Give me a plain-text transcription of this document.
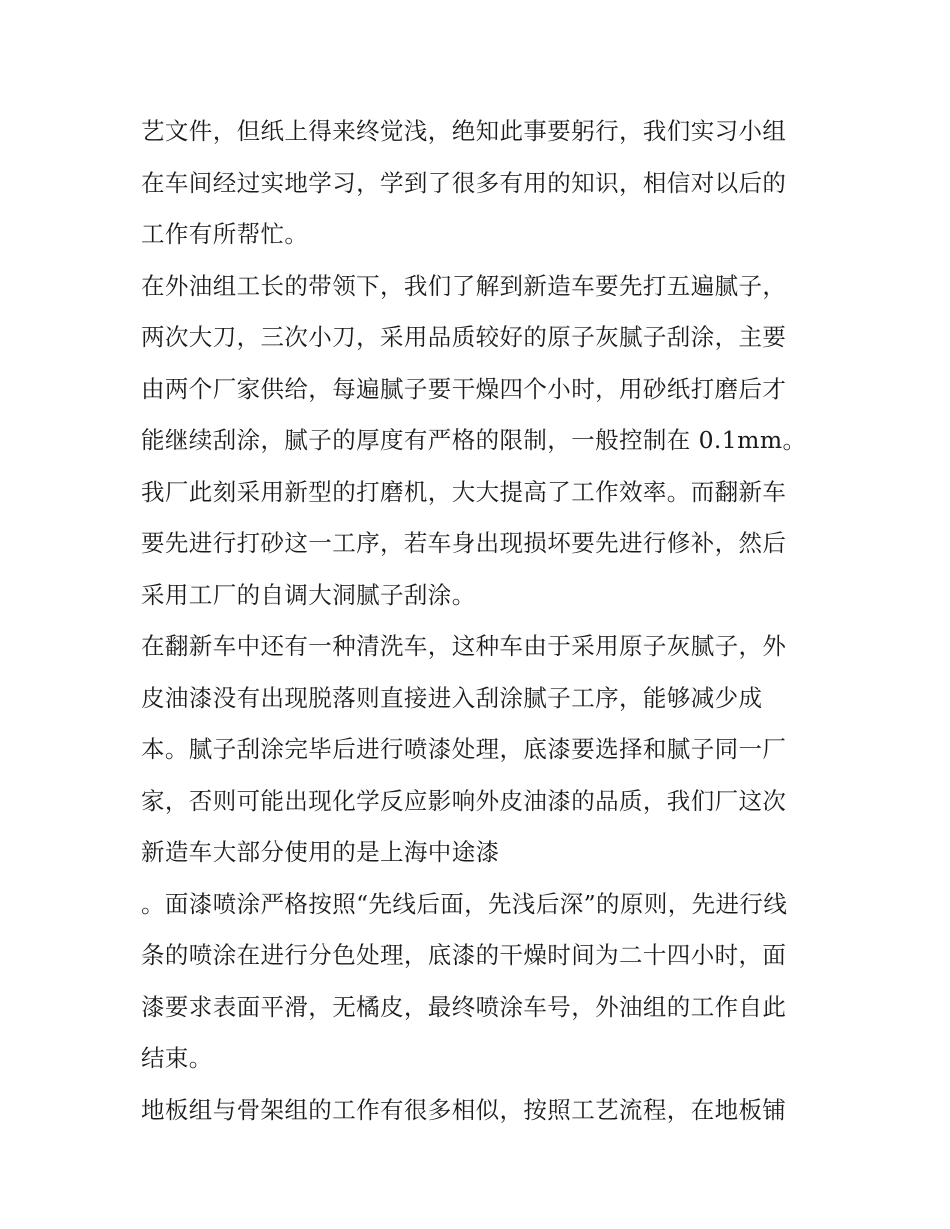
艺文件，但纸上得来终觉浅，绝知此事要躬行，我们实习小组
在车间经过实地学习，学到了很多有用的知识，相信对以后的
工作有所帮忙。
在外油组工长的带领下，我们了解到新造车要先打五遍腻子，
两次大刀，三次小刀，采用品质较好的原子灰腻子刮涂，主要
由两个厂家供给，每遍腻子要干燥四个小时，用砂纸打磨后才
能继续刮涂，腻子的厚度有严格的限制，一般控制在 0.1mm。
我厂此刻采用新型的打磨机，大大提高了工作效率。而翻新车
要先进行打砂这一工序，若车身出现损坏要先进行修补，然后
采用工厂的自调大洞腻子刮涂。
在翻新车中还有一种清洗车，这种车由于采用原子灰腻子，外
皮油漆没有出现脱落则直接进入刮涂腻子工序，能够减少成
本。腻子刮涂完毕后进行喷漆处理，底漆要选择和腻子同一厂
家，否则可能出现化学反应影响外皮油漆的品质，我们厂这次
新造车大部分使用的是上海中途漆
。面漆喷涂严格按照“先线后面，先浅后深”的原则，先进行线
条的喷涂在进行分色处理，底漆的干燥时间为二十四小时，面
漆要求表面平滑，无橘皮，最终喷涂车号，外油组的工作自此
结束。
地板组与骨架组的工作有很多相似，按照工艺流程，在地板铺
